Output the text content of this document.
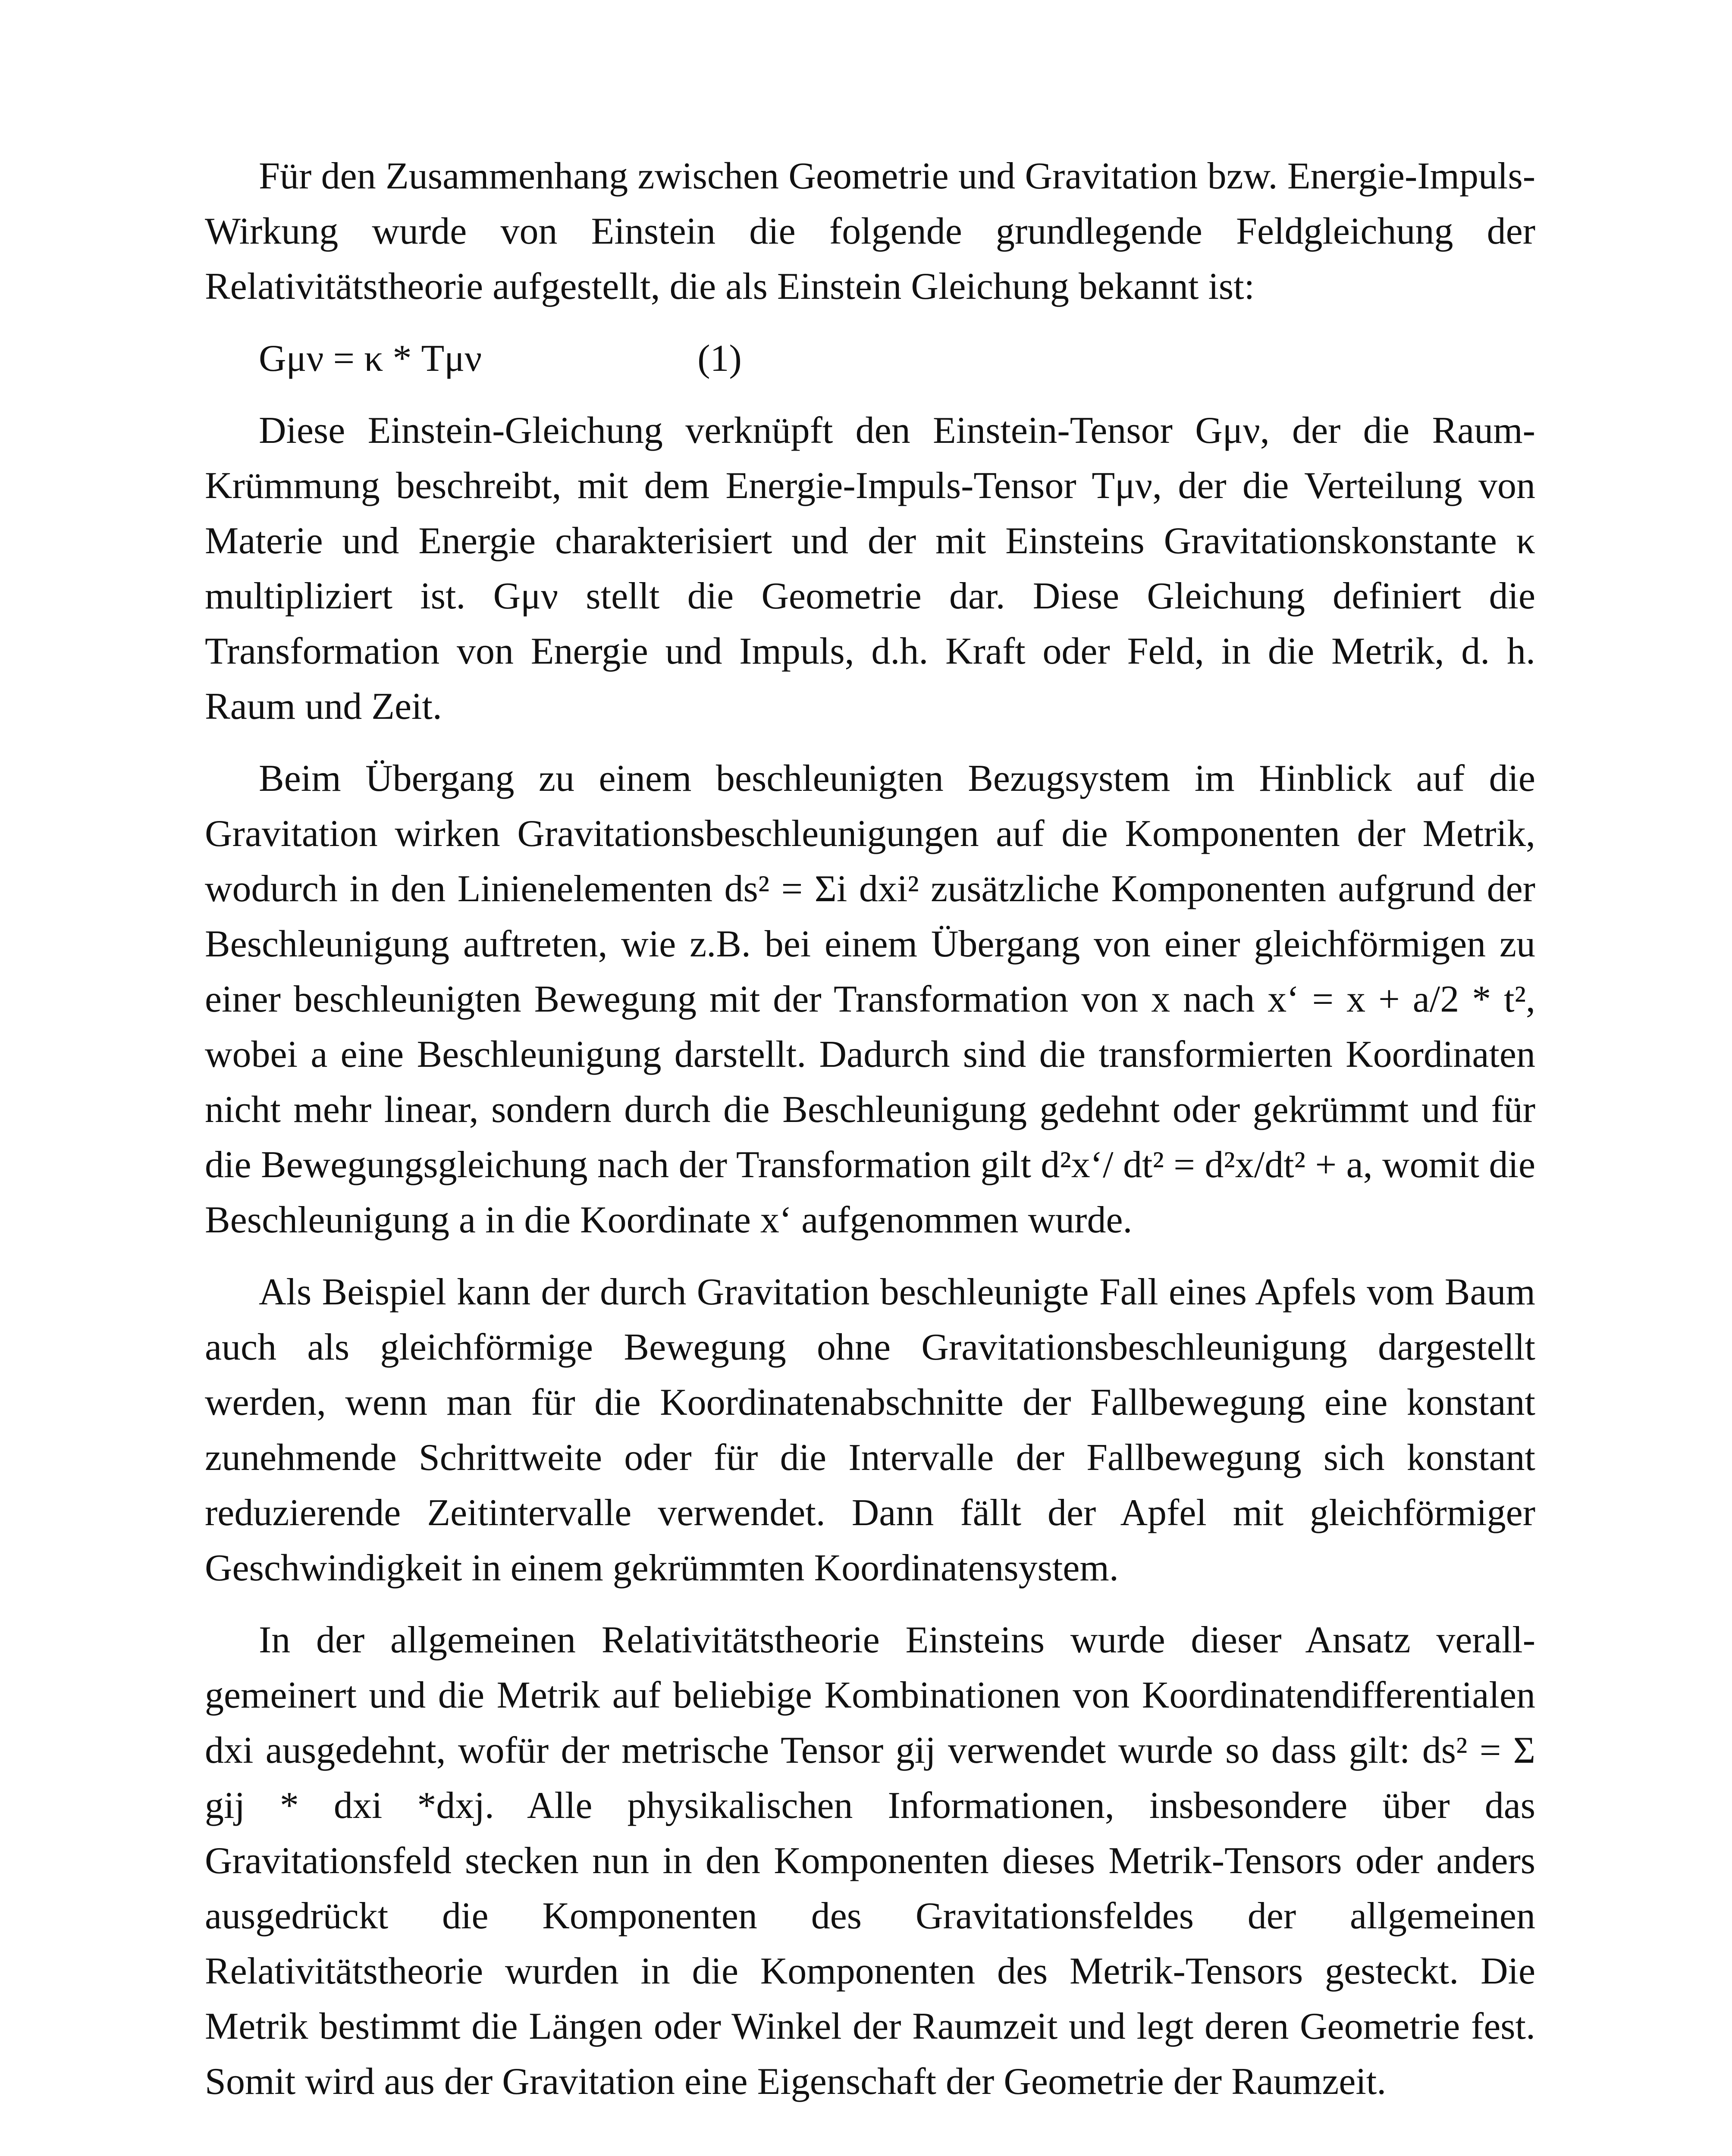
Für den Zusammenhang zwischen Geometrie und Gravitation bzw. Energie-Impuls-Wirkung wurde von Einstein die folgende grundlegende Feldgleichung der Relativitätstheorie aufgestellt, die als Einstein Gleichung bekannt ist:

Gμν = κ * Tμν	(1)

Diese Einstein-Gleichung verknüpft den Einstein-Tensor Gμν, der die Raum-Krümmung beschreibt, mit dem Energie-Impuls-Tensor Tμν, der die Verteilung von Materie und Energie charakterisiert und der mit Einsteins Gravitationskonstante κ multipliziert ist. Gμν stellt die Geometrie dar. Diese Gleichung definiert die Transformation von Energie und Impuls, d.h. Kraft oder Feld, in die Metrik, d. h. Raum und Zeit.

Beim Übergang zu einem beschleunigten Bezugsystem im Hinblick auf die Gravitation wirken Gravitationsbeschleunigungen auf die Komponenten der Metrik, wodurch in den Linienelementen ds² = Σi dxi² zusätzliche Komponenten aufgrund der Beschleunigung auftreten, wie z.B. bei einem Übergang von einer gleichförmigen zu einer beschleunigten Bewegung mit der Transformation von x nach x‘ = x + a/2 * t², wobei a eine Beschleunigung darstellt. Dadurch sind die transformierten Koordinaten nicht mehr linear, sondern durch die Beschleunigung gedehnt oder gekrümmt und für die Bewegungsgleichung nach der Transformation gilt d²x‘/ dt² = d²x/dt² + a, womit die Beschleunigung a in die Koordinate x‘ aufgenommen wurde.

Als Beispiel kann der durch Gravitation beschleunigte Fall eines Apfels vom Baum auch als gleichförmige Bewegung ohne Gravitationsbeschleunigung dargestellt werden, wenn man für die Koordinatenabschnitte der Fallbewegung eine konstant zunehmende Schrittweite oder für die Intervalle der Fallbewegung sich konstant reduzierende Zeitintervalle verwendet. Dann fällt der Apfel mit gleichförmiger Geschwindigkeit in einem gekrümmten Koordinatensystem.

In der allgemeinen Relativitätstheorie Einsteins wurde dieser Ansatz verallgemeinert und die Metrik auf beliebige Kombinationen von Koordinatendifferentialen dxi ausgedehnt, wofür der metrische Tensor gij verwendet wurde so dass gilt: ds² = Σ gij * dxi *dxj. Alle physikalischen Informationen, insbesondere über das Gravitationsfeld stecken nun in den Komponenten dieses Metrik-Tensors oder anders ausgedrückt die Komponenten des Gravitationsfeldes der allgemeinen Relativitätstheorie wurden in die Komponenten des Metrik-Tensors gesteckt. Die Metrik bestimmt die Längen oder Winkel der Raumzeit und legt deren Geometrie fest. Somit wird aus der Gravitation eine Eigenschaft der Geometrie der Raumzeit.
